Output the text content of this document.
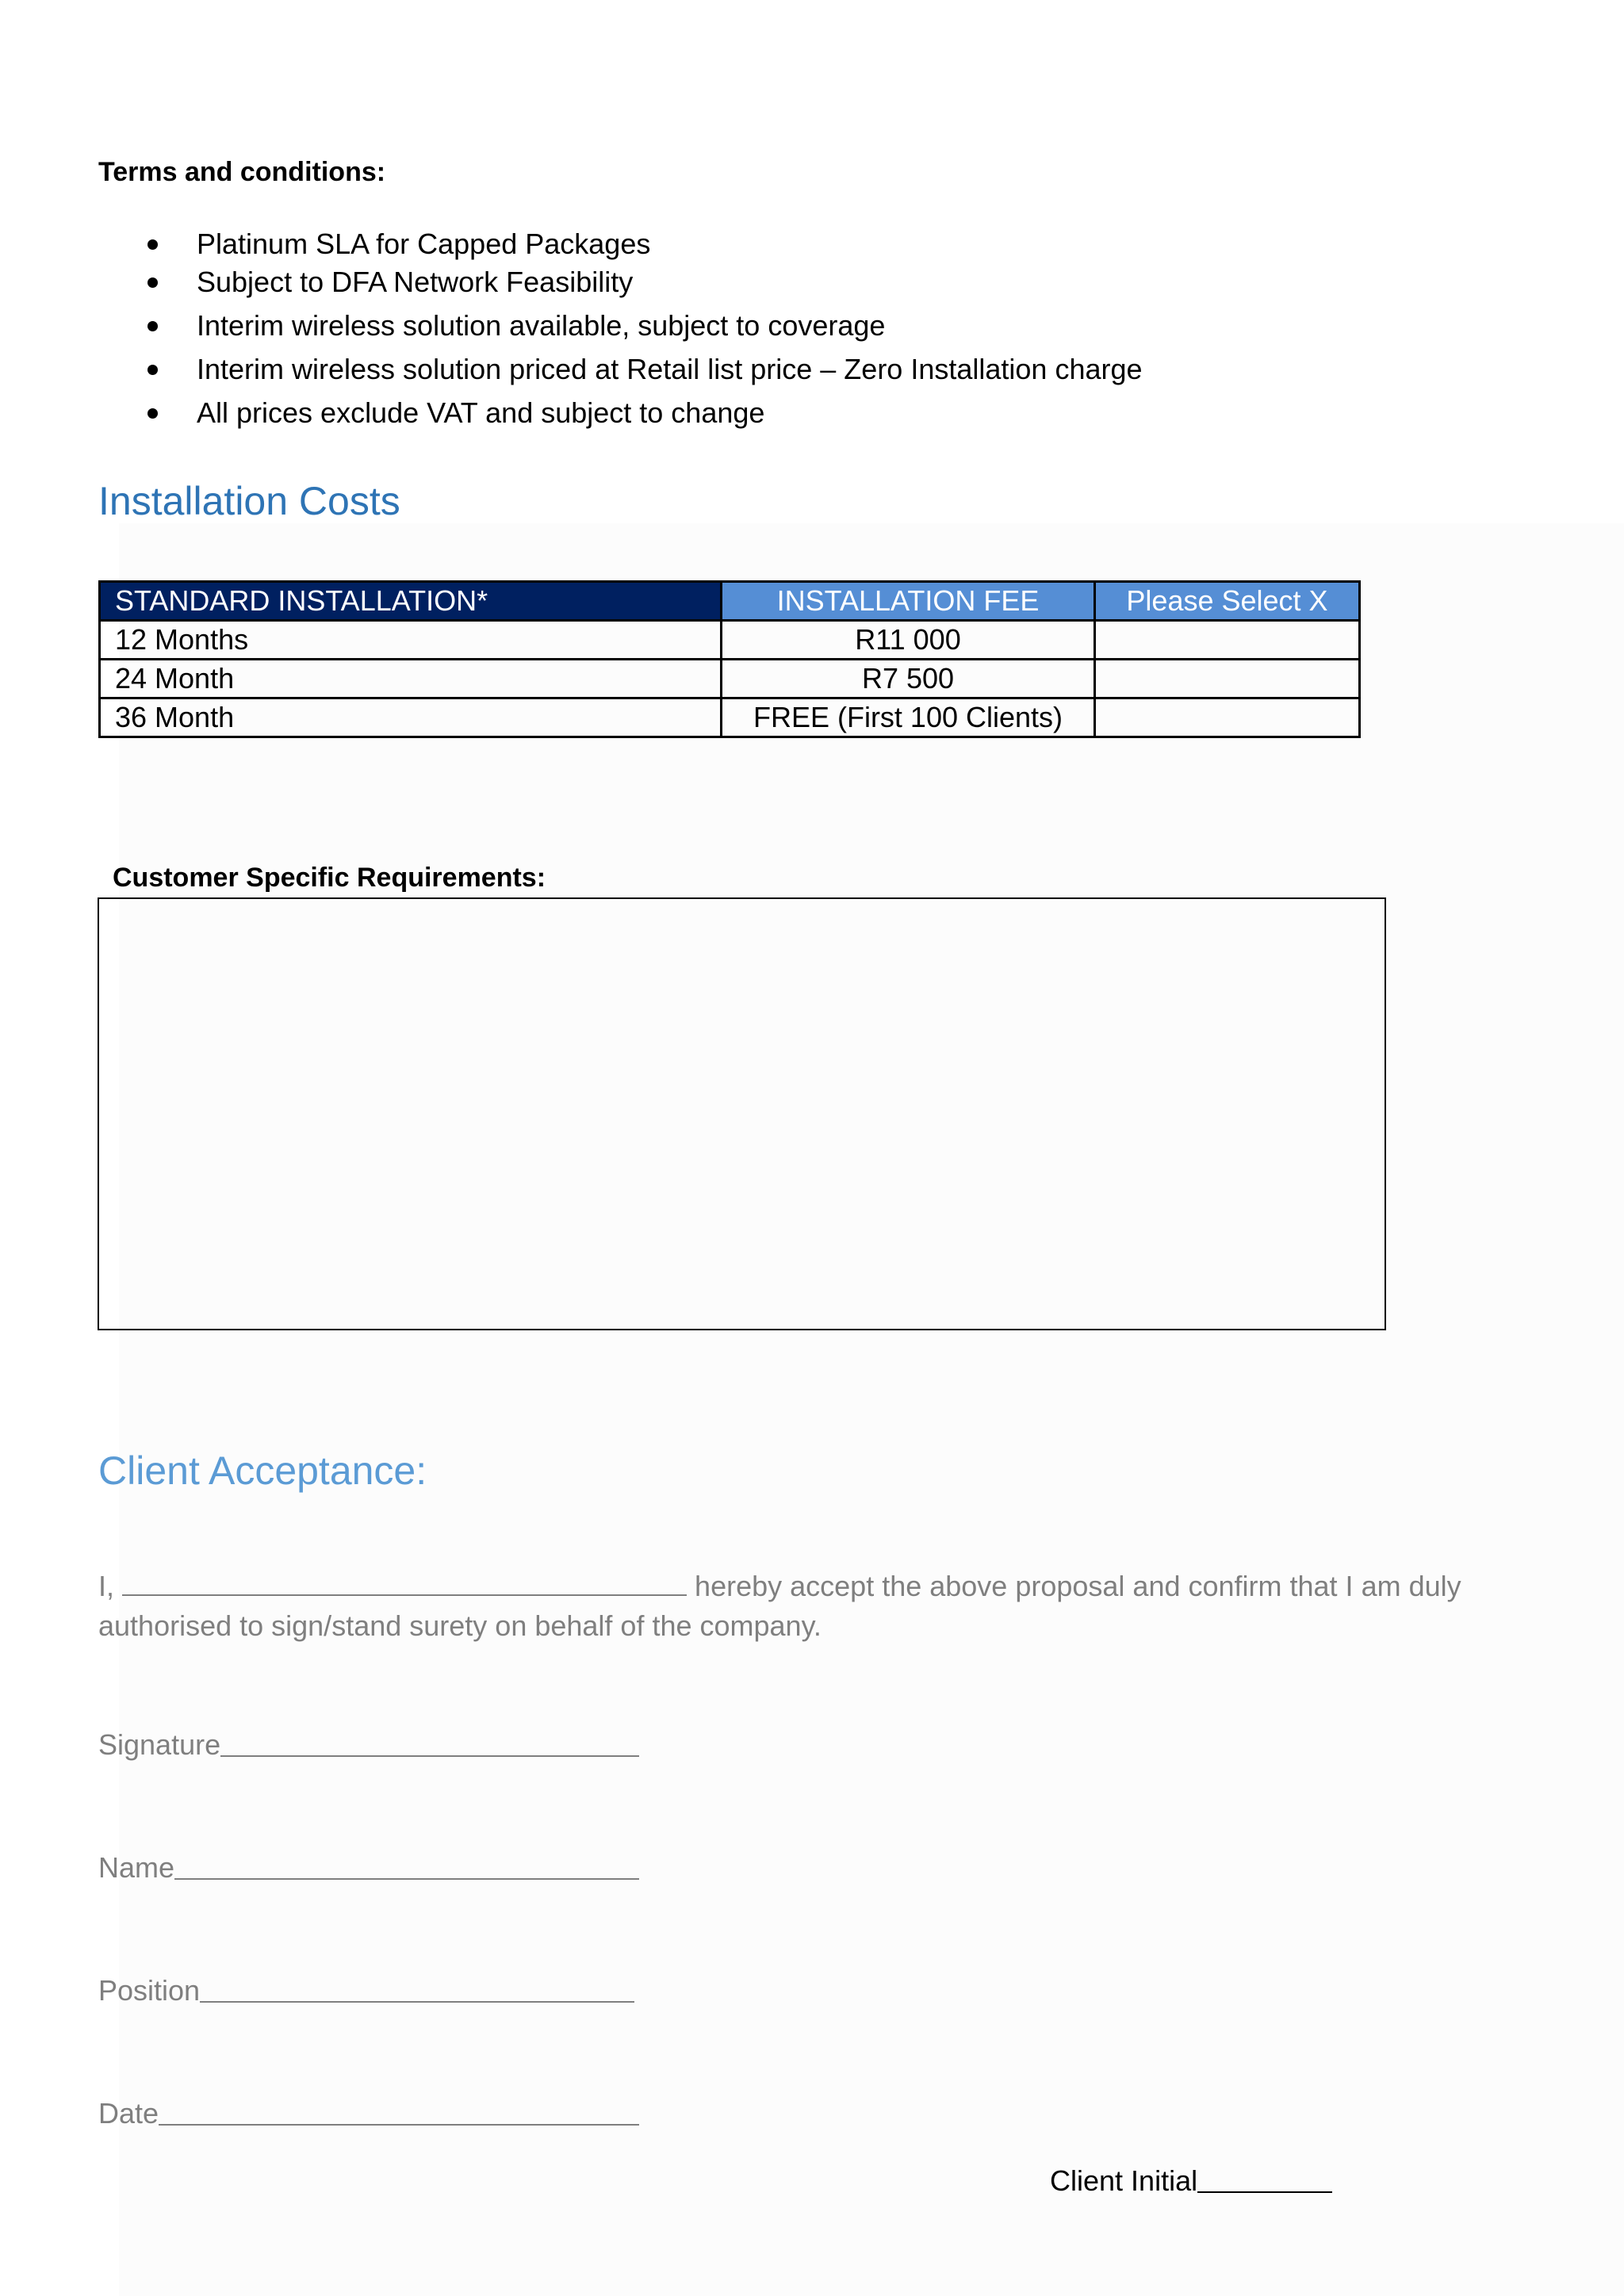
Terms and conditions:
Platinum SLA for Capped Packages
Subject to DFA Network Feasibility
Interim wireless solution available, subject to coverage
Interim wireless solution priced at Retail list price – Zero Installation charge
All prices exclude VAT and subject to change
Installation Costs
STANDARD INSTALLATION*	INSTALLATION FEE	Please Select X
12 Months	R11 000	
24 Month	R7 500	
36 Month	FREE (First 100 Clients)	
Customer Specific Requirements:
Client Acceptance:
I,	hereby accept the above proposal and confirm that I am duly authorised to sign/stand surety on behalf of the company.
Signature
Name
Position
Date
Client Initial
